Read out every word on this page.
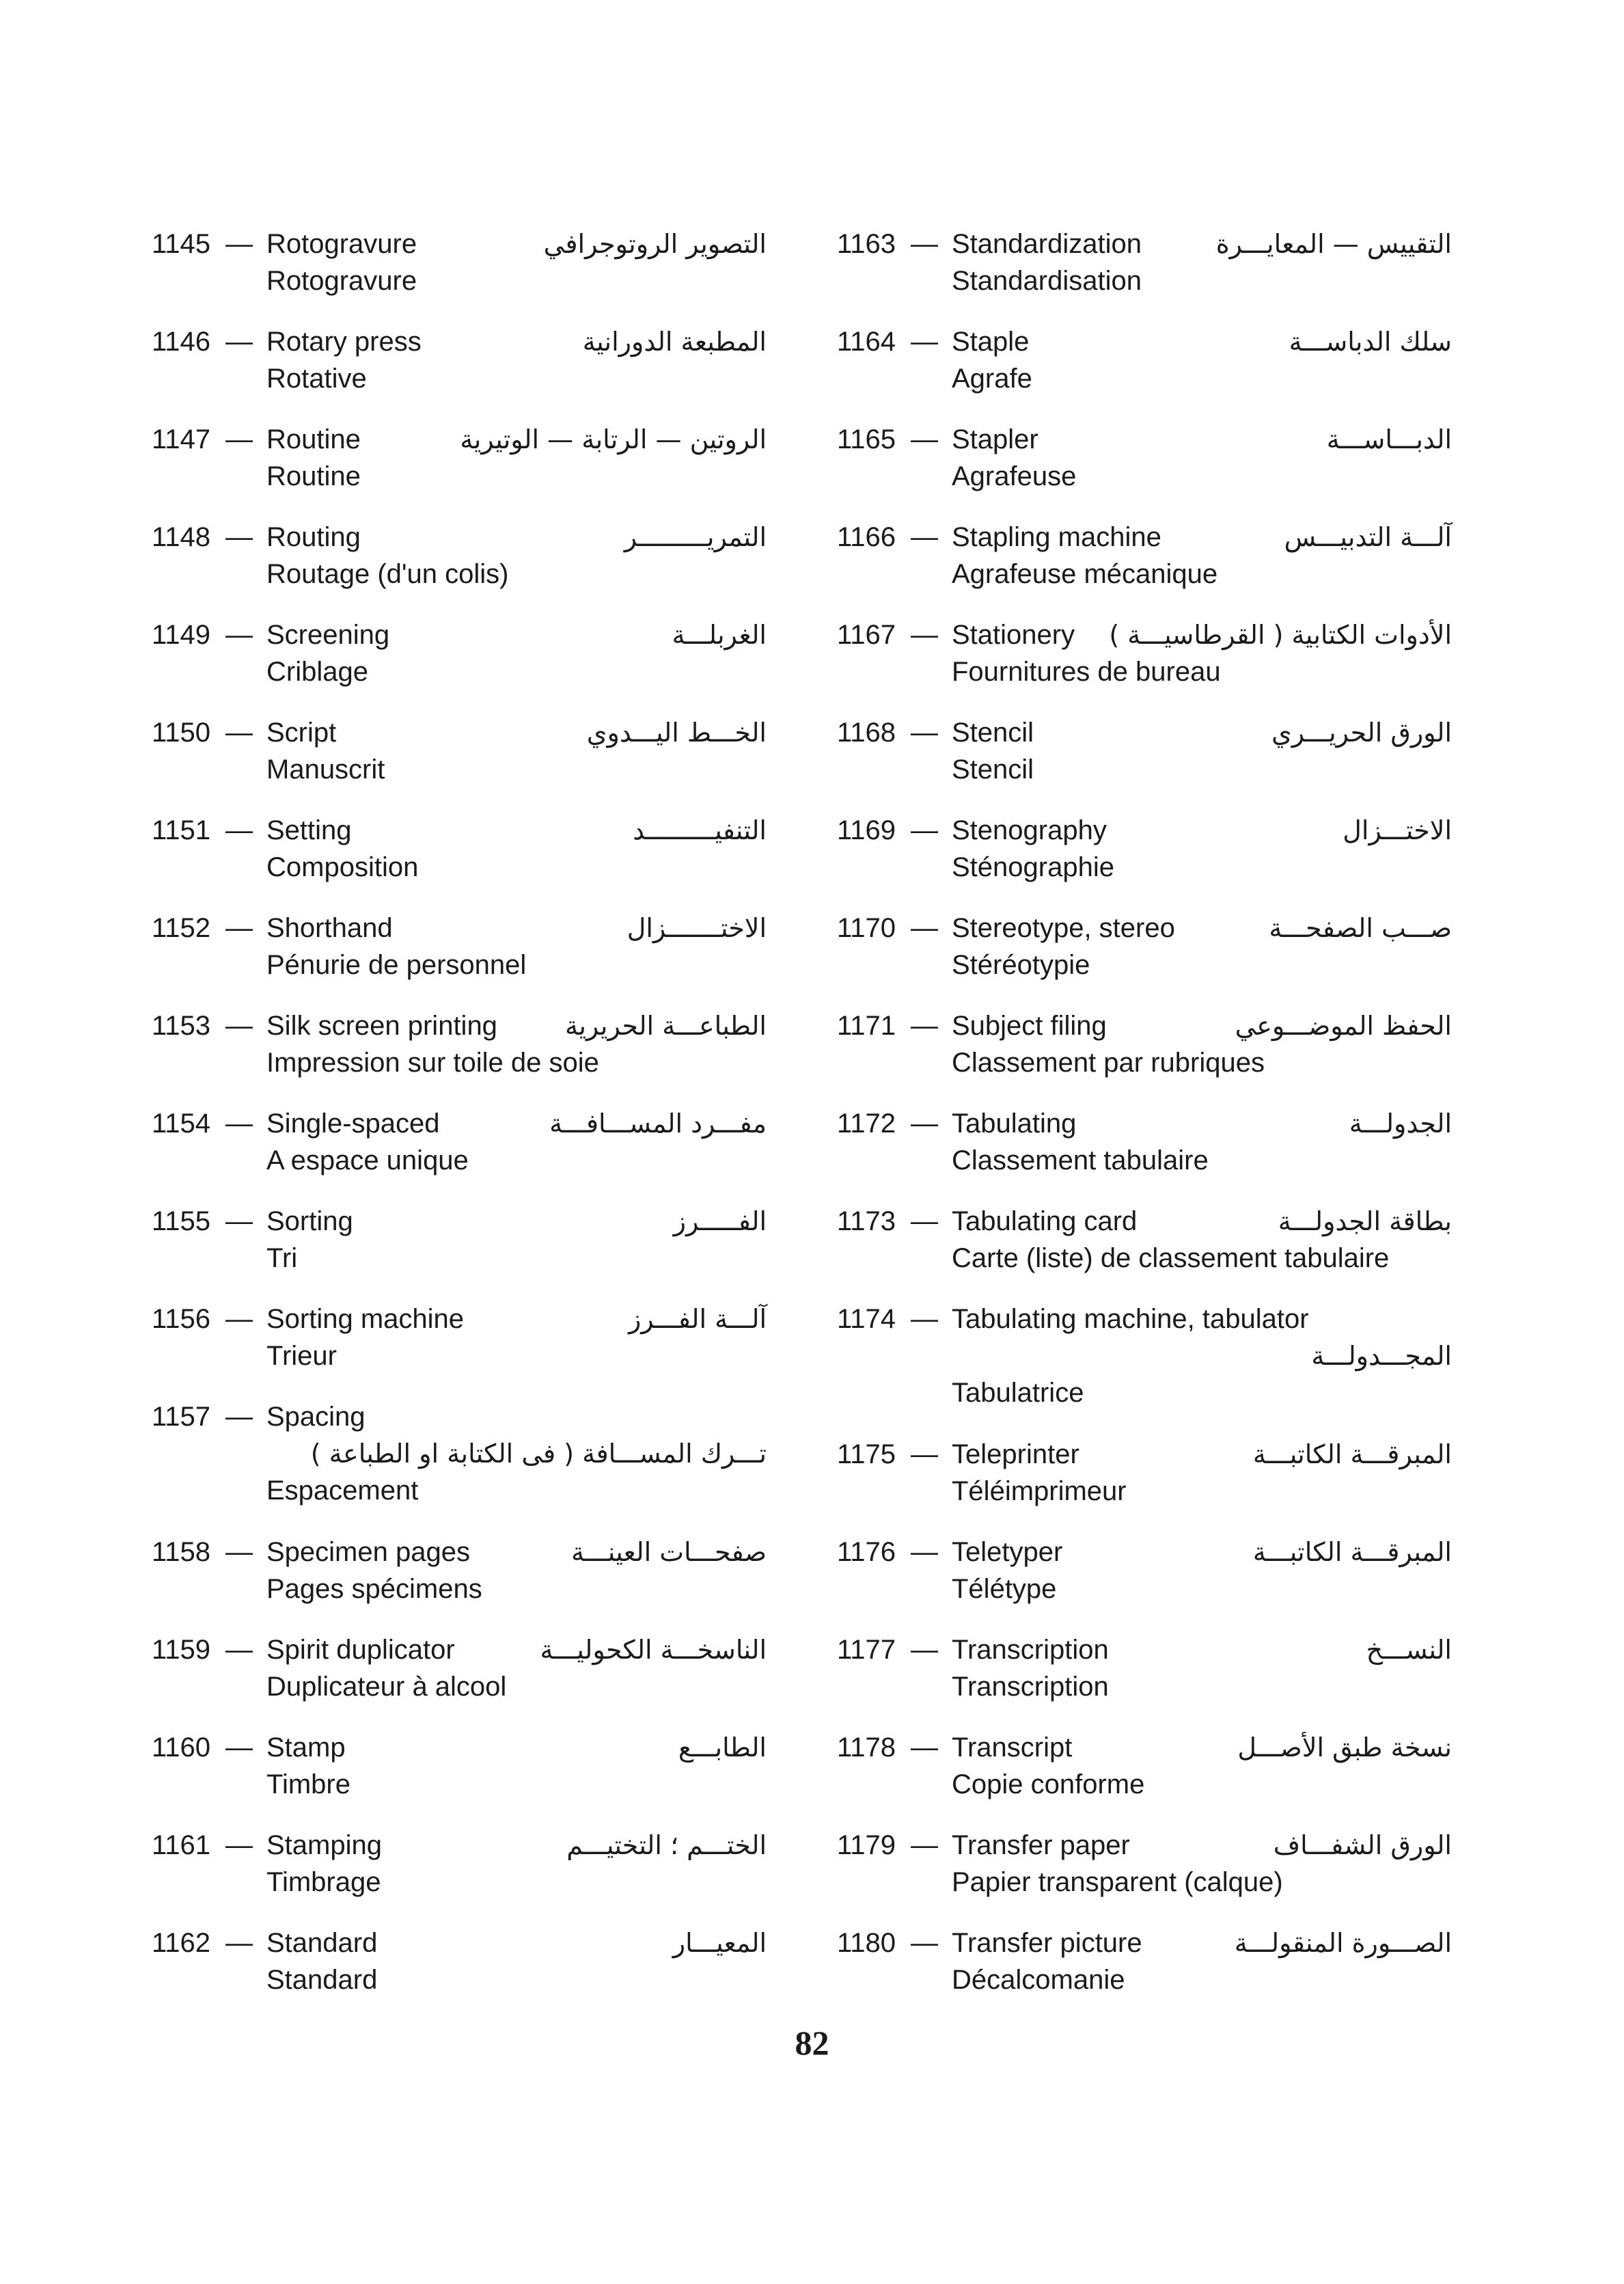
1145 — Rotogravure	التصوير الروتوجرافي
Rotogravure
1146 — Rotary press	المطبعة الدورانية
Rotative
1147 — Routine	الروتين — الرتابة — الوتيرية
Routine
1148 — Routing	التمريـــــــــر
Routage (d'un colis)
1149 — Screening	الغربلـــة
Criblage
1150 — Script	الخـــط اليـــدوي
Manuscrit
1151 — Setting	التنفيـــــــــد
Composition
1152 — Shorthand	الاختـــــــزال
Pénurie de personnel
1153 — Silk screen printing	الطباعـــة الحريرية
Impression sur toile de soie
1154 — Single-spaced	مفـــرد المســـافـــة
A espace unique
1155 — Sorting	الفـــــرز
Tri
1156 — Sorting machine	آلـــة الفـــرز
Trieur
1157 — Spacing
تـــرك المســـافة ( فى الكتابة او الطباعة )
Espacement
1158 — Specimen pages	صفحـــات العينـــة
Pages spécimens
1159 — Spirit duplicator	الناسخـــة الكحوليـــة
Duplicateur à alcool
1160 — Stamp	الطابـــع
Timbre
1161 — Stamping	الختـــم ؛ التختيـــم
Timbrage
1162 — Standard	المعيـــار
Standard
1163 — Standardization	التقييس — المعايـــرة
Standardisation
1164 — Staple	سلك الدباســـة
Agrafe
1165 — Stapler	الدبـــاســـة
Agrafeuse
1166 — Stapling machine	آلـــة التدبيـــس
Agrafeuse mécanique
1167 — Stationery الأدوات الكتابية ( القرطاسيـــة )
Fournitures de bureau
1168 — Stencil	الورق الحريـــري
Stencil
1169 — Stenography	الاختـــزال
Sténographie
1170 — Stereotype, stereo	صـــب الصفحـــة
Stéréotypie
1171 — Subject filing	الحفظ الموضـــوعي
Classement par rubriques
1172 — Tabulating	الجدولـــة
Classement tabulaire
1173 — Tabulating card	بطاقة الجدولـــة
Carte (liste) de classement tabulaire
1174 — Tabulating machine, tabulator
المجـــدولـــة
Tabulatrice
1175 — Teleprinter	المبرقـــة الكاتبـــة
Téléimprimeur
1176 — Teletyper	المبرقـــة الكاتبـــة
Télétype
1177 — Transcription	النســـخ
Transcription
1178 — Transcript	نسخة طبق الأصـــل
Copie conforme
1179 — Transfer paper	الورق الشفـــاف
Papier transparent (calque)
1180 — Transfer picture	الصـــورة المنقولـــة
Décalcomanie
82
